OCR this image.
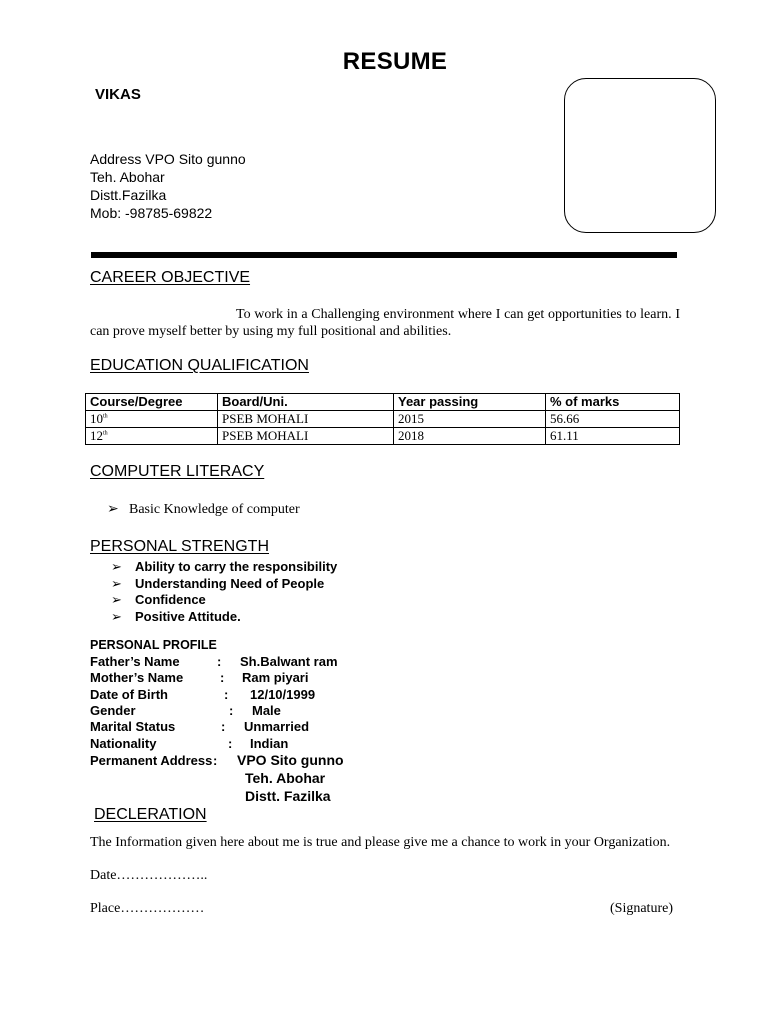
RESUME
VIKAS
Address VPO Sito gunno
Teh. Abohar
Distt.Fazilka
Mob: -98785-69822
CAREER OBJECTIVE
To work in a Challenging environment where I can get opportunities to learn. I can prove myself better by using my full positional and abilities.
EDUCATION QUALIFICATION
Course/Degree	Board/Uni.	Year passing	% of marks
10th	PSEB MOHALI	2015	56.66
12th	PSEB MOHALI	2018	61.11
COMPUTER LITERACY
➢ Basic Knowledge of computer
PERSONAL STRENGTH
➢ Ability to carry the responsibility
➢ Understanding Need of People
➢ Confidence
➢ Positive Attitude.
PERSONAL PROFILE
Father’s Name	: Sh.Balwant ram
Mother’s Name	: Ram piyari
Date of Birth	: 12/10/1999
Gender	: Male
Marital Status	: Unmarried
Nationality	: Indian
Permanent Address : VPO Sito gunno
Teh. Abohar
Distt. Fazilka
DECLERATION
The Information given here about me is true and please give me a chance to work in your Organization.
Date………………..
Place………………	(Signature)
